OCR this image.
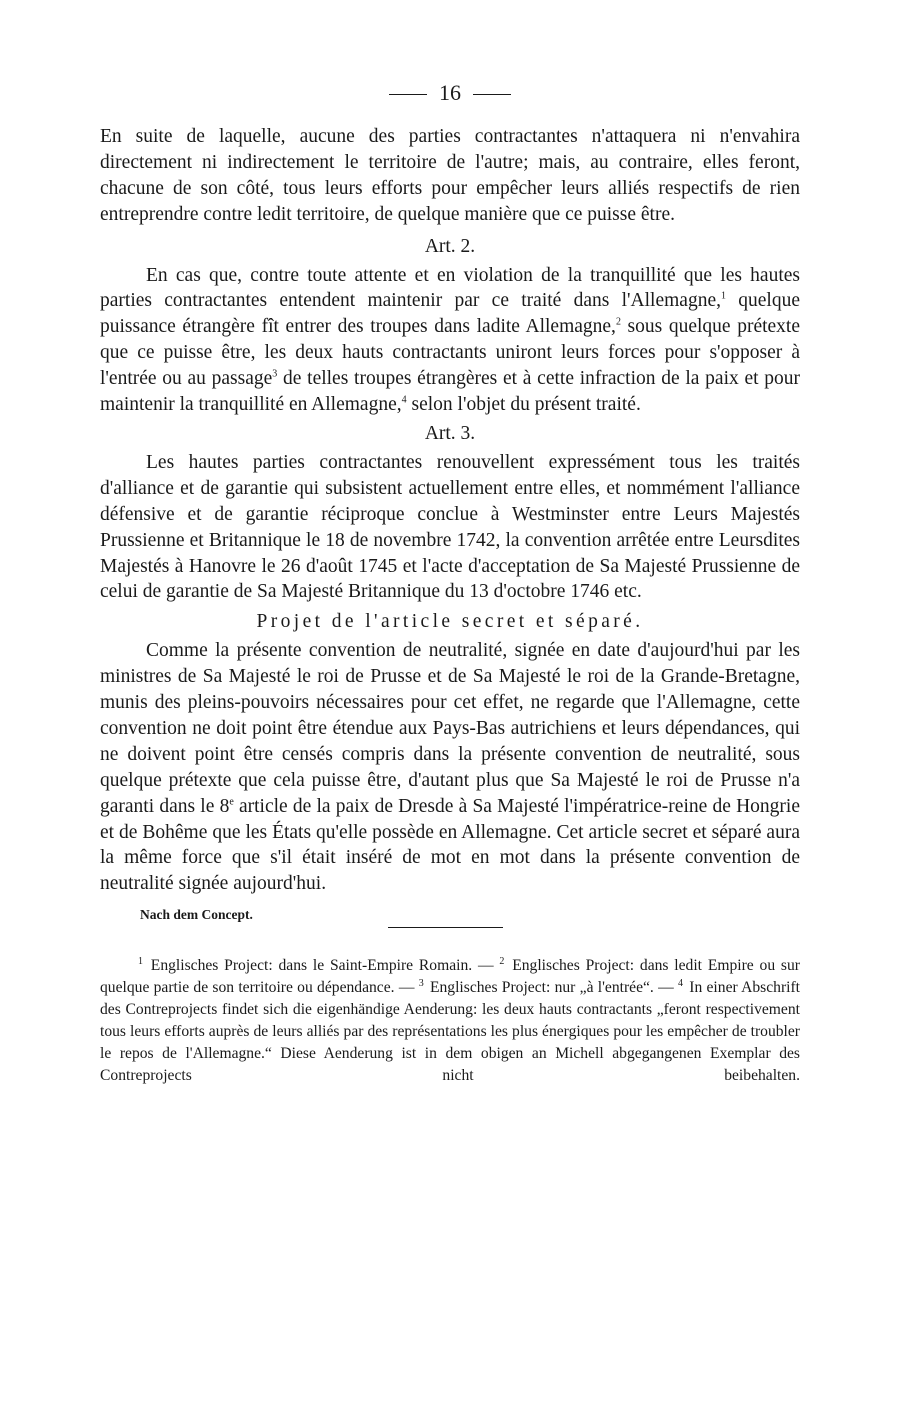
16

En suite de laquelle, aucune des parties contractantes n'attaquera ni n'envahira directement ni indirectement le territoire de l'autre; mais, au contraire, elles feront, chacune de son côté, tous leurs efforts pour empêcher leurs alliés respectifs de rien entreprendre contre ledit territoire, de quelque manière que ce puisse être.

Art. 2.

En cas que, contre toute attente et en violation de la tranquillité que les hautes parties contractantes entendent maintenir par ce traité dans l'Allemagne,$^1$ quelque puissance étrangère fît entrer des troupes dans ladite Allemagne,$^2$ sous quelque prétexte que ce puisse être, les deux hauts contractants uniront leurs forces pour s'opposer à l'entrée ou au passage$^3$ de telles troupes étrangères et à cette infraction de la paix et pour maintenir la tranquillité en Allemagne,$^4$ selon l'objet du présent traité.

Art. 3.

Les hautes parties contractantes renouvellent expressément tous les traités d'alliance et de garantie qui subsistent actuellement entre elles, et nommément l'alliance défensive et de garantie réciproque conclue à Westminster entre Leurs Majestés Prussienne et Britannique le 18 de novembre 1742, la convention arrêtée entre Leursdites Majestés à Hanovre le 26 d'août 1745 et l'acte d'acceptation de Sa Majesté Prussienne de celui de garantie de Sa Majesté Britannique du 13 d'octobre 1746 etc.

Projet de l'article secret et séparé.

Comme la présente convention de neutralité, signée en date d'aujourd'hui par les ministres de Sa Majesté le roi de Prusse et de Sa Majesté le roi de la Grande-Bretagne, munis des pleins-pouvoirs nécessaires pour cet effet, ne regarde que l'Allemagne, cette convention ne doit point être étendue aux Pays-Bas autrichiens et leurs dépendances, qui ne doivent point être censés compris dans la présente convention de neutralité, sous quelque prétexte que cela puisse être, d'autant plus que Sa Majesté le roi de Prusse n'a garanti dans le 8e article de la paix de Dresde à Sa Majesté l'impératrice-reine de Hongrie et de Bohême que les États qu'elle possède en Allemagne. Cet article secret et séparé aura la même force que s'il était inséré de mot en mot dans la présente convention de neutralité signée aujourd'hui.

Nach dem Concept.

$^1$ Englisches Project: dans le Saint-Empire Romain. — $^2$ Englisches Project: dans ledit Empire ou sur quelque partie de son territoire ou dépendance. — $^3$ Englisches Project: nur „à l'entrée“. — $^4$ In einer Abschrift des Contreprojects findet sich die eigenhändige Aenderung: les deux hauts contractants „feront respectivement tous leurs efforts auprès de leurs alliés par des représentations les plus énergiques pour les empêcher de troubler le repos de l'Allemagne.“ Diese Aenderung ist in dem obigen an Michell abgegangenen Exemplar des Contreprojects nicht beibehalten.
